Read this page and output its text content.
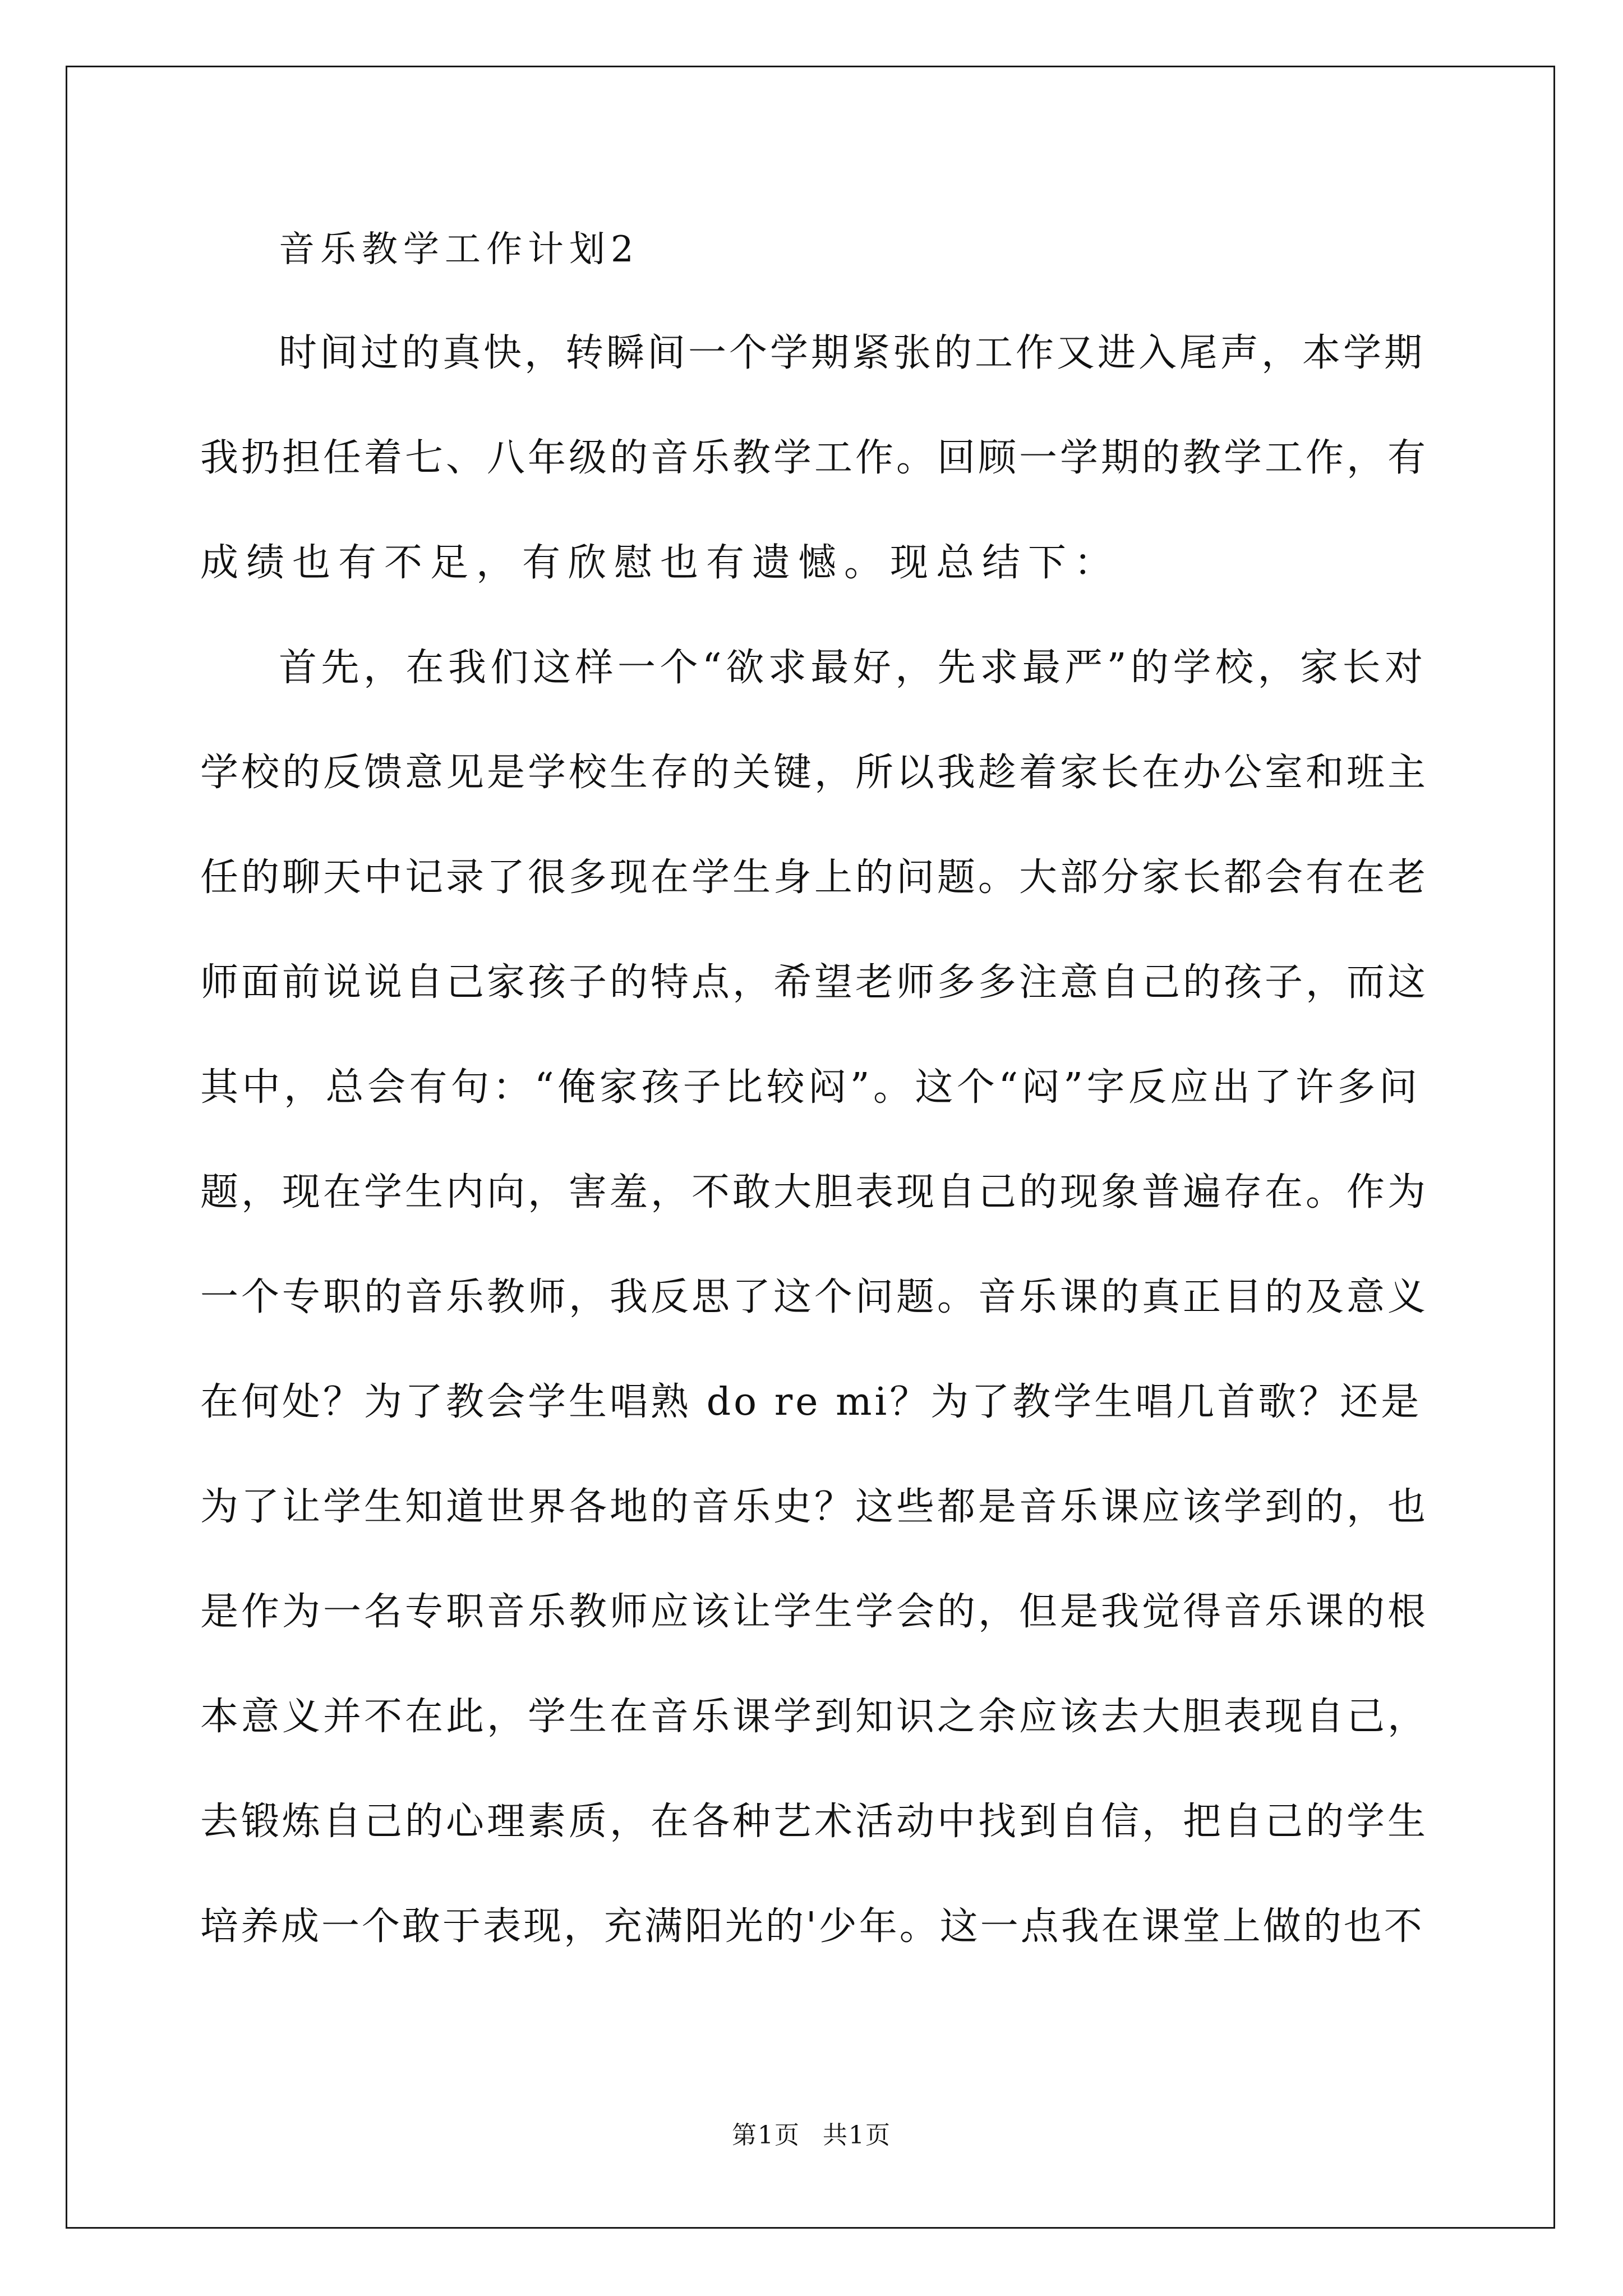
音乐教学工作计划2
时间过的真快，转瞬间一个学期紧张的工作又进入尾声，本学期
我扔担任着七、八年级的音乐教学工作。回顾一学期的教学工作，有
成绩也有不足，有欣慰也有遗憾。现总结下：
首先，在我们这样一个“欲求最好，先求最严”的学校，家长对
学校的反馈意见是学校生存的关键，所以我趁着家长在办公室和班主
任的聊天中记录了很多现在学生身上的问题。大部分家长都会有在老
师面前说说自己家孩子的特点，希望老师多多注意自己的孩子，而这
其中，总会有句：“俺家孩子比较闷”。这个“闷”字反应出了许多问
题，现在学生内向，害羞，不敢大胆表现自己的现象普遍存在。作为
一个专职的音乐教师，我反思了这个问题。音乐课的真正目的及意义
在何处？为了教会学生唱熟 do re mi？为了教学生唱几首歌？还是
为了让学生知道世界各地的音乐史？这些都是音乐课应该学到的，也
是作为一名专职音乐教师应该让学生学会的，但是我觉得音乐课的根
本意义并不在此，学生在音乐课学到知识之余应该去大胆表现自己，
去锻炼自己的心理素质，在各种艺术活动中找到自信，把自己的学生
培养成一个敢于表现，充满阳光的'少年。这一点我在课堂上做的也不
第1页 共1页
